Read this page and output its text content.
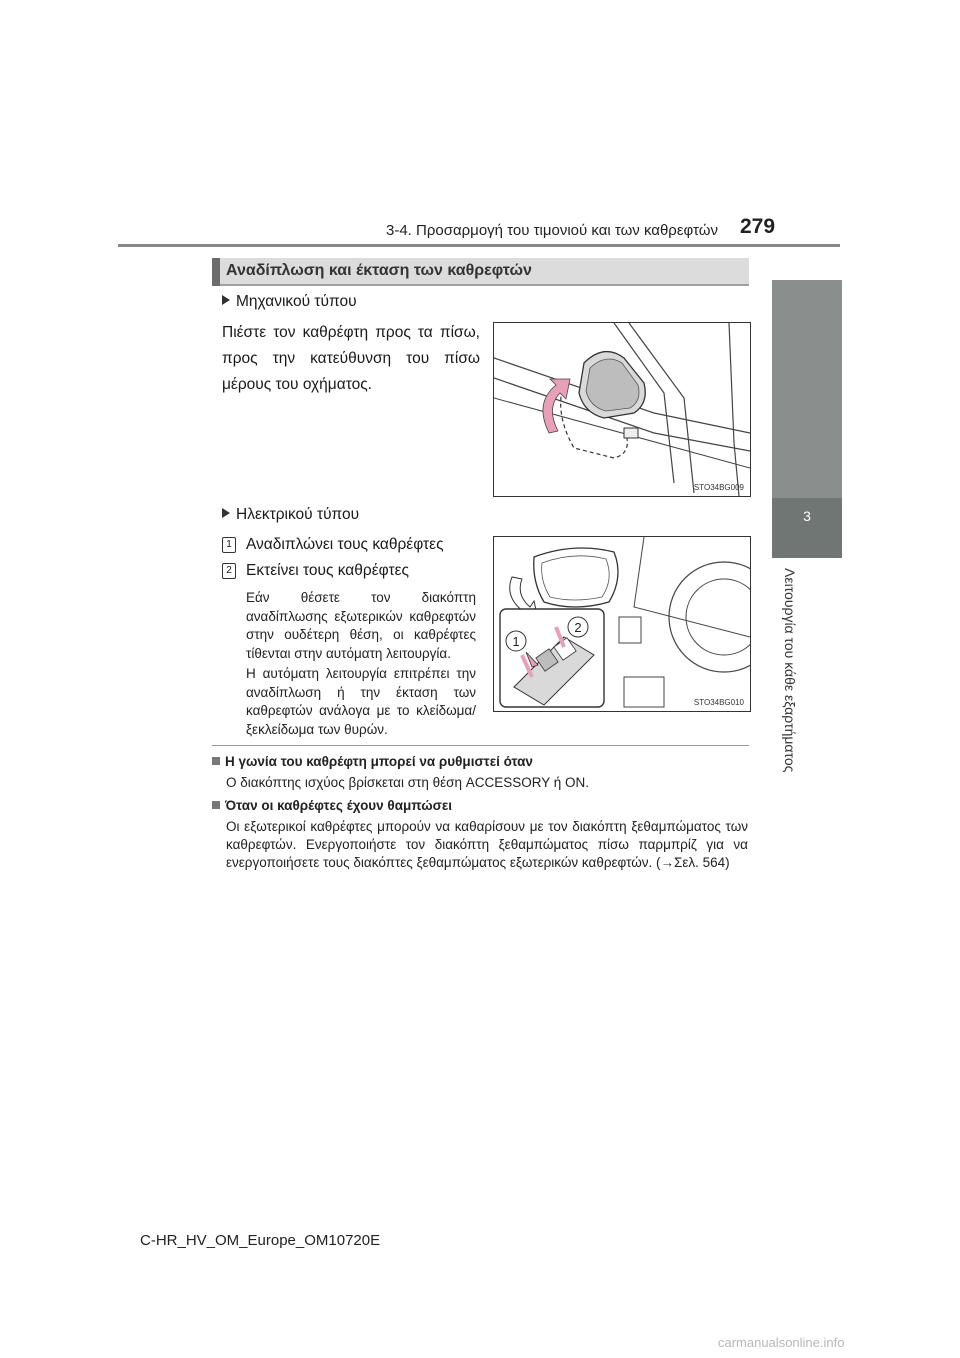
3-4. Προσαρμογή του τιμονιού και των καθρεφτών 279
3
Λειτουργία του κάθε εξαρτήματος
Αναδίπλωση και έκταση των καθρεφτών
Μηχανικού τύπου
Πιέστε τον καθρέφτη προς τα πίσω, προς την κατεύθυνση του πίσω μέρους του οχήματος.
STO34BG009
Ηλεκτρικού τύπου
1 Αναδιπλώνει τους καθρέφτες
2 Εκτείνει τους καθρέφτες
Εάν θέσετε τον διακόπτη αναδίπλωσης εξωτερικών καθρεφτών στην ουδέτερη θέση, οι καθρέφτες τίθενται στην αυτόματη λειτουργία.
Η αυτόματη λειτουργία επιτρέπει την αναδίπλωση ή την έκταση των καθρεφτών ανάλογα με το κλείδωμα/ξεκλείδωμα των θυρών.
1
2
STO34BG010
Η γωνία του καθρέφτη μπορεί να ρυθμιστεί όταν
Ο διακόπτης ισχύος βρίσκεται στη θέση ACCESSORY ή ON.
Όταν οι καθρέφτες έχουν θαμπώσει
Οι εξωτερικοί καθρέφτες μπορούν να καθαρίσουν με τον διακόπτη ξεθαμπώματος των καθρεφτών. Ενεργοποιήστε τον διακόπτη ξεθαμπώματος πίσω παρμπρίζ για να ενεργοποιήσετε τους διακόπτες ξεθαμπώματος εξωτερικών καθρεφτών. (→Σελ. 564)
C-HR_HV_OM_Europe_OM10720E
carmanualsonline.info
